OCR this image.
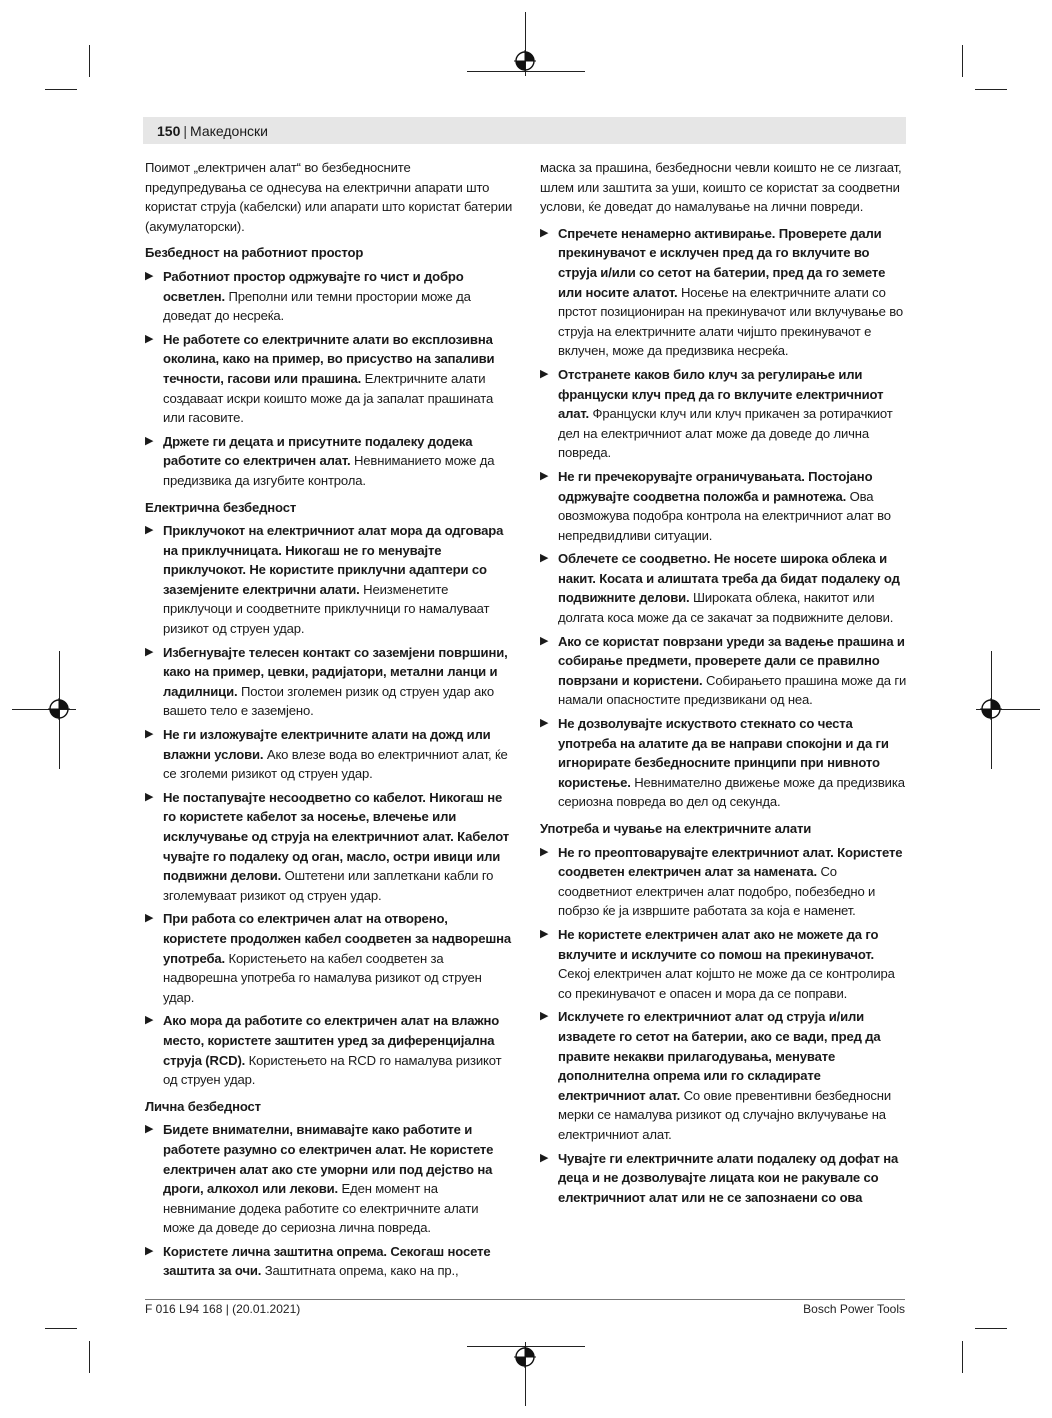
150 | Македонски

Поимот „електричен алат“ во безбедносните предупредувања се однесува на електрични апарати што користат струја (кабелски) или апарати што користат батерии (акумулаторски).

Безбедност на работниот простор
▶ Работниот простор одржувајте го чист и добро осветлен. Преполни или темни простории може да доведат до несреќа.
▶ Не работете со електричните алати во експлозивна околина, како на пример, во присуство на запаливи течности, гасови или прашина. Електричните алати создаваат искри коишто може да ја запалат прашината или гасовите.
▶ Држете ги децата и присутните подалеку додека работите со електричен алат. Невниманието може да предизвика да изгубите контрола.
Електрична безбедност
▶ Приклучокот на електричниот алат мора да одговара на приклучницата. Никогаш не го менувајте приклучокот. Не користите приклучни адаптери со заземјените електрични алати. Неизменетите приклучоци и соодветните приклучници го намалуваат ризикот од струен удар.
▶ Избегнувајте телесен контакт со заземјени површини, како на пример, цевки, радијатори, метални ланци и ладилници. Постои зголемен ризик од струен удар ако вашето тело е заземјено.
▶ Не ги изложувајте електричните алати на дожд или влажни услови. Ако влезе вода во електричниот алат, ќе се зголеми ризикот од струен удар.
▶ Не постапувајте несоодветно со кабелот. Никогаш не го користете кабелот за носење, влечење или исклучување од струја на електричниот алат. Кабелот чувајте го подалеку од оган, масло, остри ивици или подвижни делови. Оштетени или заплеткани кабли го зголемуваат ризикот од струен удар.
▶ При работа со електричен алат на отворено, користете продолжен кабел соодветен за надворешна употреба. Користењето на кабел соодветен за надворешна употреба го намалува ризикот од струен удар.
▶ Ако мора да работите со електричен алат на влажно место, користете заштитен уред за диференцијална струја (RCD). Користењето на RCD го намалува ризикот од струен удар.
Лична безбедност
▶ Бидете внимателни, внимавајте како работите и работете разумно со електричен алат. Не користете електричен алат ако сте уморни или под дејство на дроги, алкохол или лекови. Еден момент на невнимание додека работите со електричните алати може да доведе до сериозна лична повреда.
▶ Користете лична заштитна опрема. Секогаш носете заштита за очи. Заштитната опрема, како на пр.,

маска за прашина, безбедносни чевли коишто не се лизгаат, шлем или заштита за уши, коишто се користат за соодветни услови, ќе доведат до намалување на лични повреди.

▶ Спречете ненамерно активирање. Проверете дали прекинувачот е исклучен пред да го вклучите во струја и/или со сетот на батерии, пред да го земете или носите алатот. Носење на електричните алати со прстот позициониран на прекинувачот или вклучување во струја на електричните алати чијшто прекинувачот е вклучен, може да предизвика несреќа.
▶ Отстранете каков било клуч за регулирање или француски клуч пред да го вклучите електричниот алат. Француски клуч или клуч прикачен за ротирачкиот дел на електричниот алат може да доведе до лична повреда.
▶ Не ги пречекорувајте ограничувањата. Постојано одржувајте соодветна положба и рамнотежа. Ова овозможува подобра контрола на електричниот алат во непредвидливи ситуации.
▶ Облечете се соодветно. Не носете широка облека и накит. Косата и алиштата треба да бидат подалеку од подвижните делови. Широката облека, накитот или долгата коса може да се закачат за подвижните делови.
▶ Ако се користат поврзани уреди за вадење прашина и собирање предмети, проверете дали се правилно поврзани и користени. Собирањето прашина може да ги намали опасностите предизвикани од неа.
▶ Не дозволувајте искуството стекнато со честа употреба на алатите да ве направи спокојни и да ги игнорирате безбедносните принципи при нивното користење. Невнимателно движење може да предизвика сериозна повреда во дел од секунда.
Употреба и чување на електричните алати
▶ Не го преоптоварувајте електричниот алат. Користете соодветен електричен алат за намената. Со соодветниот електричен алат подобро, побезбедно и побрзо ќе ја извршите работата за која е наменет.
▶ Не користете електричен алат ако не можете да го вклучите и исклучите со помош на прекинувачот. Секој електричен алат којшто не може да се контролира со прекинувачот е опасен и мора да се поправи.
▶ Исклучете го електричниот алат од струја и/или извадете го сетот на батерии, ако се вади, пред да правите некакви прилагодувања, менувате дополнителна опрема или го складирате електричниот алат. Со овие превентивни безбедносни мерки се намалува ризикот од случајно вклучување на електричниот алат.
▶ Чувајте ги електричните алати подалеку од дофат на деца и не дозволувајте лицата кои не ракувале со електричниот алат или не се запознаени со ова
F 016 L94 168 | (20.01.2021)	Bosch Power Tools
